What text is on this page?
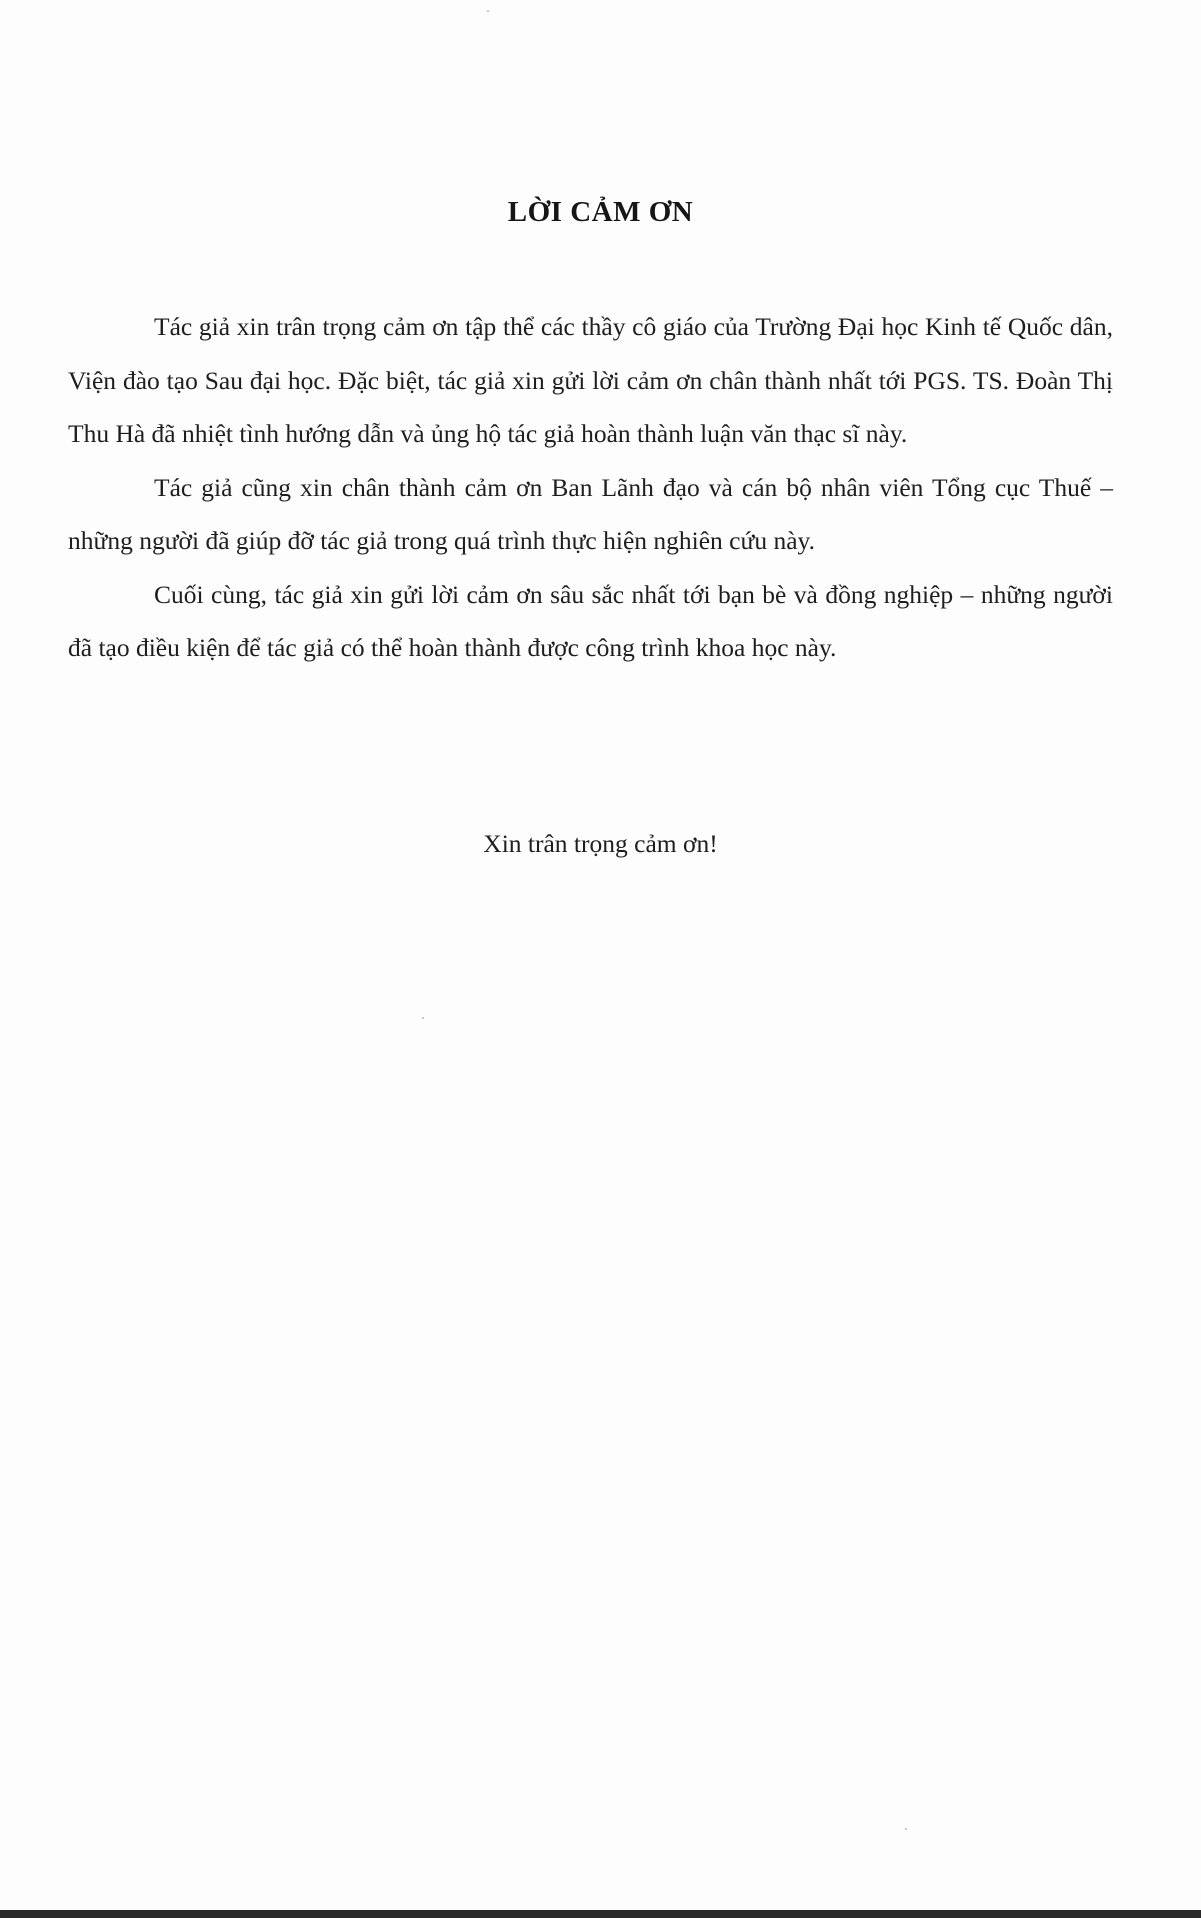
LỜI CẢM ƠN

Tác giả xin trân trọng cảm ơn tập thể các thầy cô giáo của Trường Đại học Kinh tế Quốc dân, Viện đào tạo Sau đại học. Đặc biệt, tác giả xin gửi lời cảm ơn chân thành nhất tới PGS. TS. Đoàn Thị Thu Hà đã nhiệt tình hướng dẫn và ủng hộ tác giả hoàn thành luận văn thạc sĩ này.

Tác giả cũng xin chân thành cảm ơn Ban Lãnh đạo và cán bộ nhân viên Tổng cục Thuế – những người đã giúp đỡ tác giả trong quá trình thực hiện nghiên cứu này.

Cuối cùng, tác giả xin gửi lời cảm ơn sâu sắc nhất tới bạn bè và đồng nghiệp – những người đã tạo điều kiện để tác giả có thể hoàn thành được công trình khoa học này.

Xin trân trọng cảm ơn!
